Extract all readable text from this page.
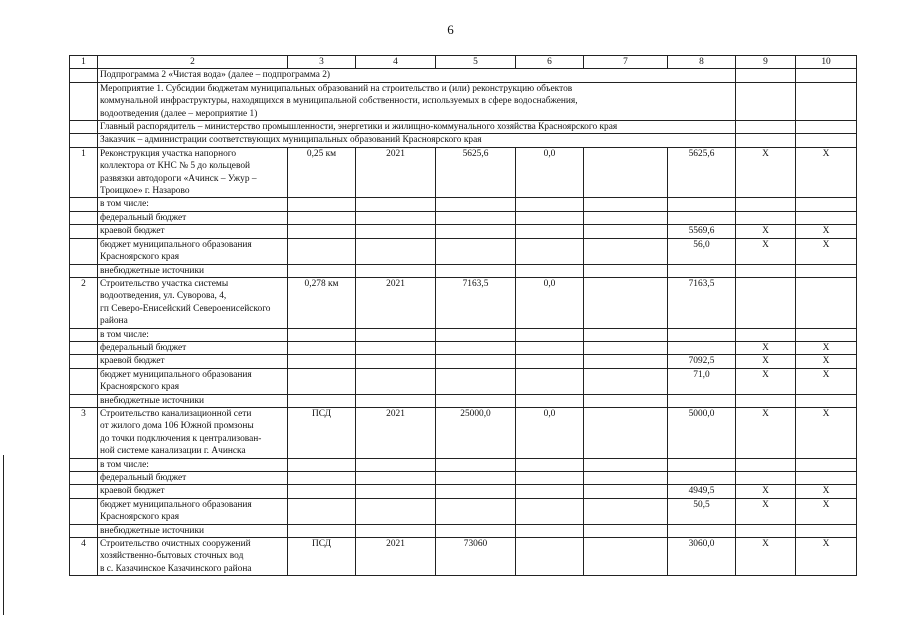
6
1	2	3	4	5	6	7	8	9	10
	Подпрограмма 2 «Чистая вода» (далее – подпрограмма 2)								

	Мероприятие 1. Субсидии бюджетам муниципальных образований на строительство и (или) реконструкцию объектов
коммунальной инфраструктуры, находящихся в муниципальной собственности, используемых в сфере водоснабжения,
водоотведения (далее – мероприятие 1)								

	Главный распорядитель – министерство промышленности, энергетики и жилищно-коммунального хозяйства Красноярского края								
	Заказчик – администрации соответствующих муниципальных образований Красноярского края								
1	Реконструкция участка напорного
коллектора от КНС № 5 до кольцевой
развязки автодороги «Ачинск – Ужур –
Троицкое» г. Назарово	0,25 км	2021	5625,6	0,0		5625,6	Х	Х
	в том числе:								
	федеральный бюджет								
	краевой бюджет						5569,6	Х	Х

	бюджет муниципального образования
Красноярского края						56,0	Х	Х
	внебюджетные источники								
2	Строительство участка системы
водоотведения, ул. Суворова, 4,
гп Северо-Енисейский Североенисейского
района	0,278 км	2021	7163,5	0,0		7163,5		
	в том числе:								
	федеральный бюджет							Х	Х
	краевой бюджет						7092,5	Х	Х

	бюджет муниципального образования
Красноярского края						71,0	Х	Х
	внебюджетные источники								
3	Строительство канализационной сети
от жилого дома 106 Южной промзоны
до точки подключения к централизован-
ной системе канализации г. Ачинска	ПСД	2021	25000,0	0,0		5000,0	Х	Х
	в том числе:								
	федеральный бюджет								
	краевой бюджет						4949,5	Х	Х

	бюджет муниципального образования
Красноярского края						50,5	Х	Х
	внебюджетные источники								
4	Строительство очистных сооружений
хозяйственно-бытовых сточных вод
в с. Казачинское Казачинского района	ПСД	2021	73060			3060,0	Х	Х
